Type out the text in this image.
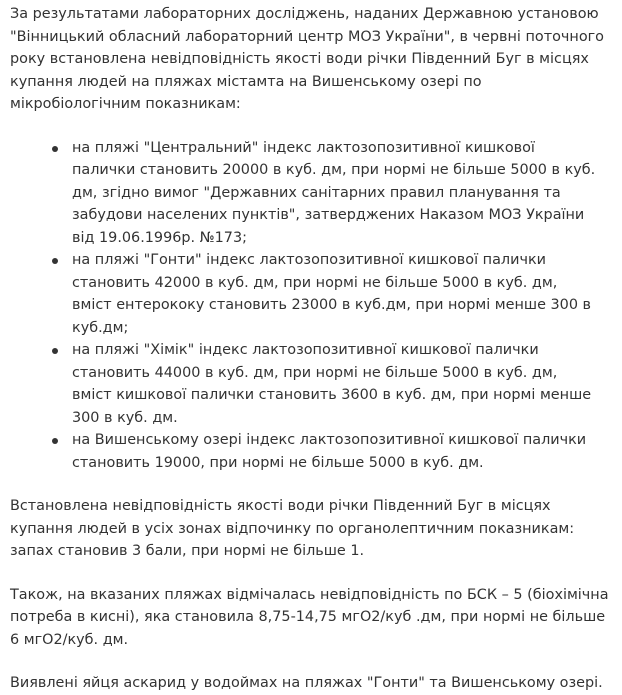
За результатами лабораторних досліджень, наданих Державною установою "Вінницький обласний лабораторний центр МОЗ України", в червні поточного року встановлена невідповідність якості води річки Південний Буг в місцях купання людей на пляжах містамта на Вишенському озері по мікробіологічним показникам:

на пляжі "Центральний" індекс лактозопозитивної кишкової палички становить 20000 в куб. дм, при нормі не більше 5000 в куб. дм, згідно вимог "Державних санітарних правил планування та забудови населених пунктів", затверджених Наказом МОЗ України від 19.06.1996р. №173;
на пляжі "Гонти" індекс лактозопозитивної кишкової палички становить 42000 в куб. дм, при нормі не більше 5000 в куб. дм, вміст ентерококу становить 23000 в куб.дм, при нормі менше 300 в куб.дм;
на пляжі "Хімік" індекс лактозопозитивної кишкової палички становить 44000 в куб. дм, при нормі не більше 5000 в куб. дм, вміст кишкової палички становить 3600 в куб. дм, при нормі менше 300 в куб. дм.
на Вишенському озері індекс лактозопозитивної кишкової палички становить 19000, при нормі не більше 5000 в куб. дм.

Встановлена невідповідність якості води річки Південний Буг в місцях купання людей в усіх зонах відпочинку по органолептичним показникам: запах становив 3 бали, при нормі не більше 1.

Також, на вказаних пляжах відмічалась невідповідність по БСК – 5 (біохімічна потреба в кисні), яка становила 8,75-14,75 мгО2/куб .дм, при нормі не більше 6 мгО2/куб. дм.

Виявлені яйця аскарид у водоймах на пляжах "Гонти" та Вишенському озері.
